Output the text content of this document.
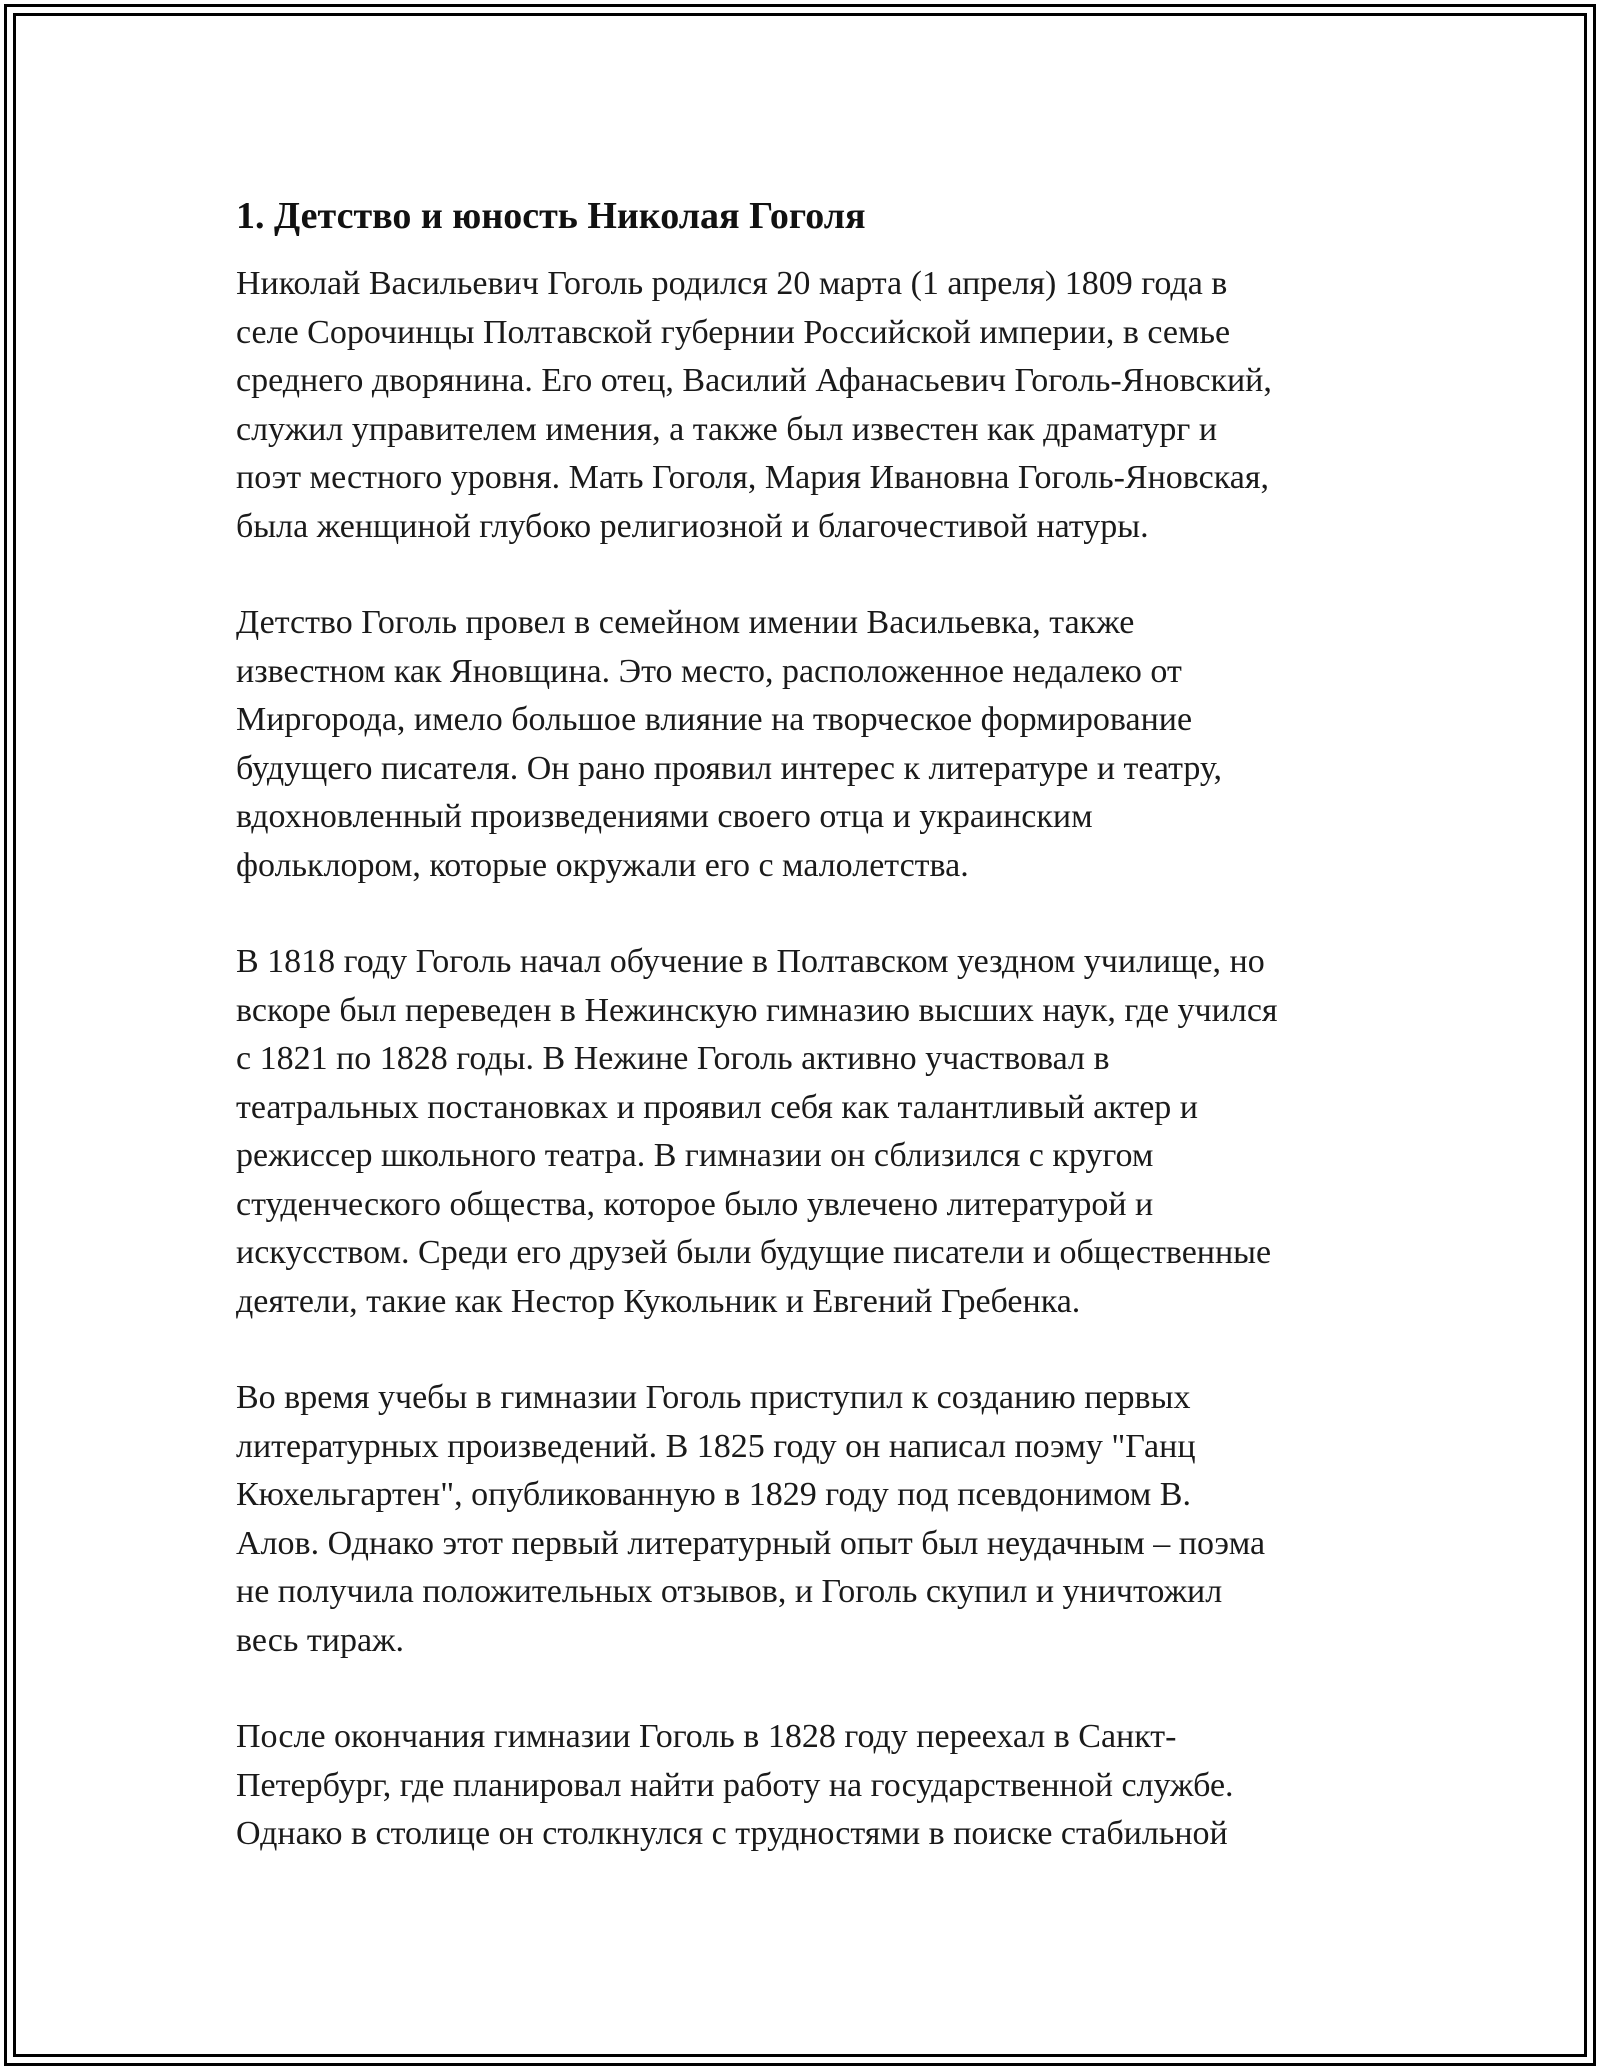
1. Детство и юность Николая Гоголя

Николай Васильевич Гоголь родился 20 марта (1 апреля) 1809 года в
селе Сорочинцы Полтавской губернии Российской империи, в семье
среднего дворянина. Его отец, Василий Афанасьевич Гоголь-Яновский,
служил управителем имения, а также был известен как драматург и
поэт местного уровня. Мать Гоголя, Мария Ивановна Гоголь-Яновская,
была женщиной глубоко религиозной и благочестивой натуры.

Детство Гоголь провел в семейном имении Васильевка, также
известном как Яновщина. Это место, расположенное недалеко от
Миргорода, имело большое влияние на творческое формирование
будущего писателя. Он рано проявил интерес к литературе и театру,
вдохновленный произведениями своего отца и украинским
фольклором, которые окружали его с малолетства.

В 1818 году Гоголь начал обучение в Полтавском уездном училище, но
вскоре был переведен в Нежинскую гимназию высших наук, где учился
с 1821 по 1828 годы. В Нежине Гоголь активно участвовал в
театральных постановках и проявил себя как талантливый актер и
режиссер школьного театра. В гимназии он сблизился с кругом
студенческого общества, которое было увлечено литературой и
искусством. Среди его друзей были будущие писатели и общественные
деятели, такие как Нестор Кукольник и Евгений Гребенка.

Во время учебы в гимназии Гоголь приступил к созданию первых
литературных произведений. В 1825 году он написал поэму "Ганц
Кюхельгартен", опубликованную в 1829 году под псевдонимом В.
Алов. Однако этот первый литературный опыт был неудачным – поэма
не получила положительных отзывов, и Гоголь скупил и уничтожил
весь тираж.

После окончания гимназии Гоголь в 1828 году переехал в Санкт-
Петербург, где планировал найти работу на государственной службе.
Однако в столице он столкнулся с трудностями в поиске стабильной
